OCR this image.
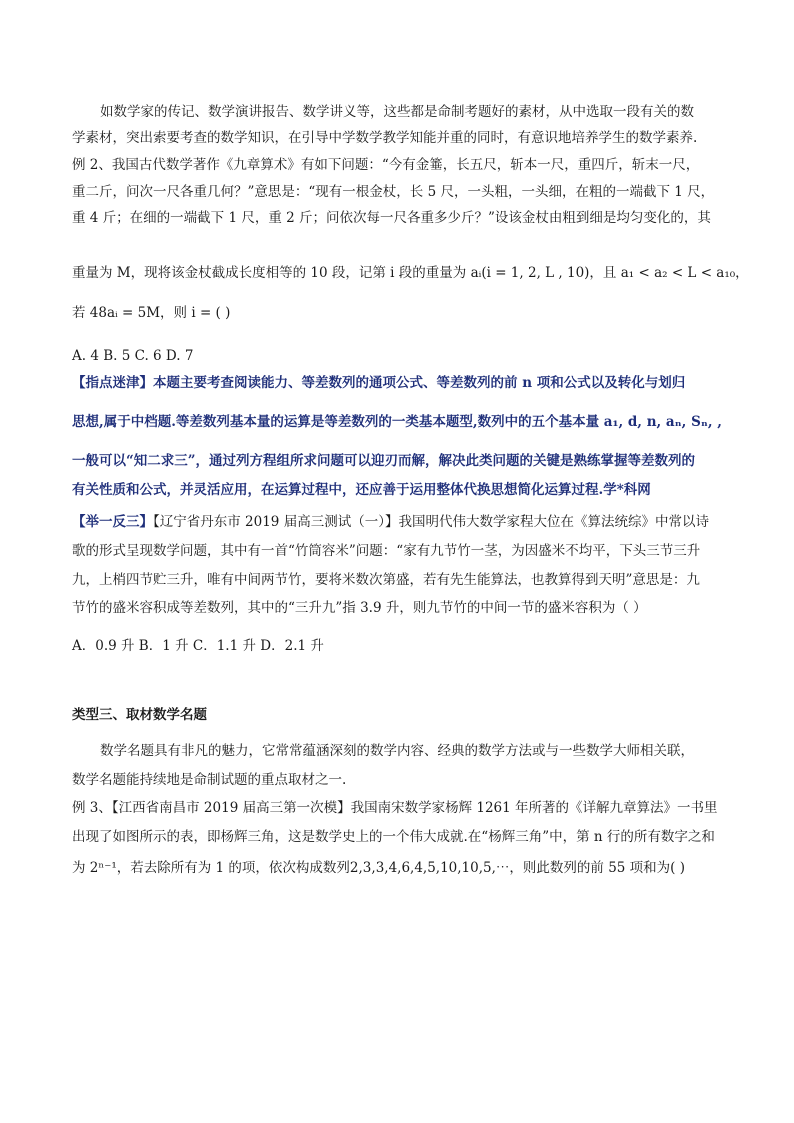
如数学家的传记、数学演讲报告、数学讲义等，这些都是命制考题好的素材，从中选取一段有关的数
学素材，突出索要考查的数学知识，在引导中学数学教学知能并重的同时，有意识地培养学生的数学素养.
例 2、我国古代数学著作《九章算术》有如下问题：“今有金箠，长五尺，斩本一尺，重四斤，斩末一尺，
重二斤，问次一尺各重几何？”意思是：“现有一根金杖，长 5 尺，一头粗，一头细，在粗的一端截下 1 尺，
重 4 斤；在细的一端截下 1 尺，重 2 斤；问依次每一尺各重多少斤？”设该金杖由粗到细是均匀变化的，其
重量为 M，现将该金杖截成长度相等的 10 段，记第 i 段的重量为 aᵢ(i = 1, 2, L , 10)，且 a₁ < a₂ < L < a₁₀，
若 48aᵢ = 5M，则 i = ( )
A. 4 B. 5 C. 6 D. 7
【指点迷津】本题主要考查阅读能力、等差数列的通项公式、等差数列的前 n 项和公式以及转化与划归
思想,属于中档题.等差数列基本量的运算是等差数列的一类基本题型,数列中的五个基本量 a₁, d, n, aₙ, Sₙ, ,
一般可以“知二求三”，通过列方程组所求问题可以迎刃而解，解决此类问题的关键是熟练掌握等差数列的
有关性质和公式，并灵活应用，在运算过程中，还应善于运用整体代换思想简化运算过程.学*科网
【举一反三】【辽宁省丹东市 2019 届高三测试（一）】我国明代伟大数学家程大位在《算法统综》中常以诗
歌的形式呈现数学问题，其中有一首“竹筒容米”问题：“家有九节竹一茎，为因盛米不均平，下头三节三升
九，上梢四节贮三升，唯有中间两节竹，要将米数次第盛，若有先生能算法，也教算得到天明”意思是：九
节竹的盛米容积成等差数列，其中的“三升九”指 3.9 升，则九节竹的中间一节的盛米容积为（ ）
A．0.9 升 B．1 升 C．1.1 升 D．2.1 升
类型三、取材数学名题
数学名题具有非凡的魅力，它常常蕴涵深刻的数学内容、经典的数学方法或与一些数学大师相关联，
数学名题能持续地是命制试题的重点取材之一.
例 3、【江西省南昌市 2019 届高三第一次模】我国南宋数学家杨辉 1261 年所著的《详解九章算法》一书里
出现了如图所示的表，即杨辉三角，这是数学史上的一个伟大成就.在“杨辉三角”中，第 n 行的所有数字之和
为 2ⁿ⁻¹，若去除所有为 1 的项，依次构成数列2,3,3,4,6,4,5,10,10,5,⋯，则此数列的前 55 项和为( )
